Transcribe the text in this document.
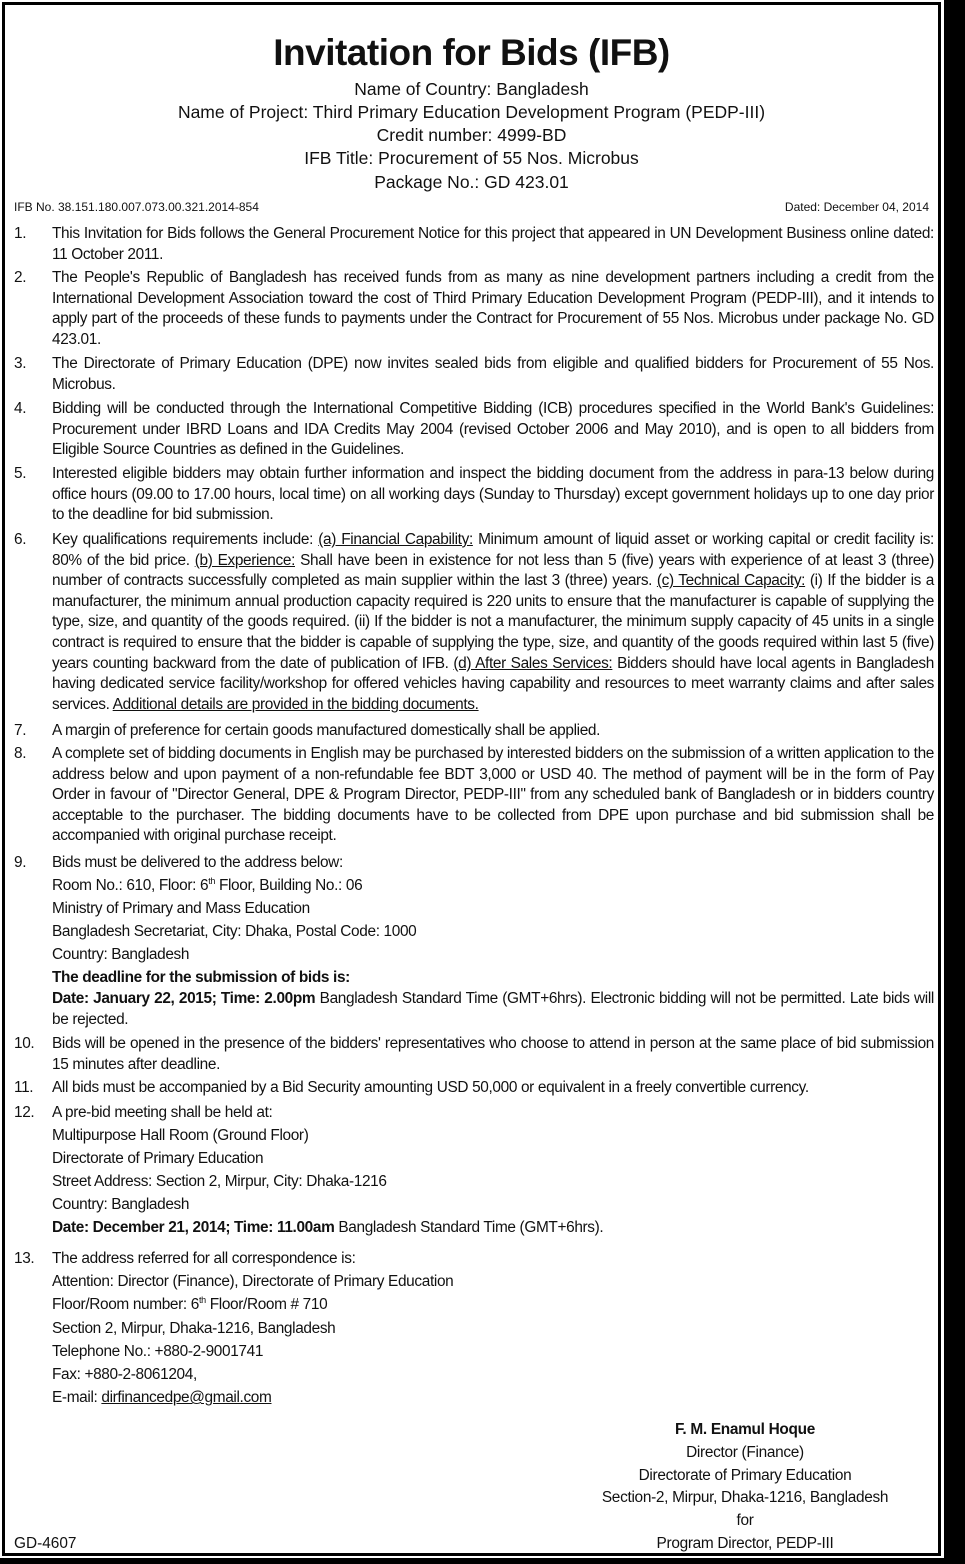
Invitation for Bids (IFB)
Name of Country: Bangladesh
Name of Project: Third Primary Education Development Program (PEDP-III)
Credit number: 4999-BD
IFB Title: Procurement of 55 Nos. Microbus
Package No.: GD 423.01
IFB No. 38.151.180.007.073.00.321.2014-854	Dated: December 04, 2014
1. This Invitation for Bids follows the General Procurement Notice for this project that appeared in UN Development Business online dated: 11 October 2011.
2. The People's Republic of Bangladesh has received funds from as many as nine development partners including a credit from the International Development Association toward the cost of Third Primary Education Development Program (PEDP-III), and it intends to apply part of the proceeds of these funds to payments under the Contract for Procurement of 55 Nos. Microbus under package No. GD 423.01.
3. The Directorate of Primary Education (DPE) now invites sealed bids from eligible and qualified bidders for Procurement of 55 Nos. Microbus.
4. Bidding will be conducted through the International Competitive Bidding (ICB) procedures specified in the World Bank's Guidelines: Procurement under IBRD Loans and IDA Credits May 2004 (revised October 2006 and May 2010), and is open to all bidders from Eligible Source Countries as defined in the Guidelines.
5. Interested eligible bidders may obtain further information and inspect the bidding document from the address in para-13 below during office hours (09.00 to 17.00 hours, local time) on all working days (Sunday to Thursday) except government holidays up to one day prior to the deadline for bid submission.
6. Key qualifications requirements include: (a) Financial Capability: Minimum amount of liquid asset or working capital or credit facility is: 80% of the bid price. (b) Experience: Shall have been in existence for not less than 5 (five) years with experience of at least 3 (three) number of contracts successfully completed as main supplier within the last 3 (three) years. (c) Technical Capacity: (i) If the bidder is a manufacturer, the minimum annual production capacity required is 220 units to ensure that the manufacturer is capable of supplying the type, size, and quantity of the goods required. (ii) If the bidder is not a manufacturer, the minimum supply capacity of 45 units in a single contract is required to ensure that the bidder is capable of supplying the type, size, and quantity of the goods required within last 5 (five) years counting backward from the date of publication of IFB. (d) After Sales Services: Bidders should have local agents in Bangladesh having dedicated service facility/workshop for offered vehicles having capability and resources to meet warranty claims and after sales services. Additional details are provided in the bidding documents.
7. A margin of preference for certain goods manufactured domestically shall be applied.
8. A complete set of bidding documents in English may be purchased by interested bidders on the submission of a written application to the address below and upon payment of a non-refundable fee BDT 3,000 or USD 40. The method of payment will be in the form of Pay Order in favour of "Director General, DPE & Program Director, PEDP-III" from any scheduled bank of Bangladesh or in bidders country acceptable to the purchaser. The bidding documents have to be collected from DPE upon purchase and bid submission shall be accompanied with original purchase receipt.
9. Bids must be delivered to the address below:
Room No.: 610, Floor: 6th Floor, Building No.: 06
Ministry of Primary and Mass Education
Bangladesh Secretariat, City: Dhaka, Postal Code: 1000
Country: Bangladesh
The deadline for the submission of bids is:
Date: January 22, 2015; Time: 2.00pm Bangladesh Standard Time (GMT+6hrs). Electronic bidding will not be permitted. Late bids will be rejected.
10. Bids will be opened in the presence of the bidders' representatives who choose to attend in person at the same place of bid submission 15 minutes after deadline.
11. All bids must be accompanied by a Bid Security amounting USD 50,000 or equivalent in a freely convertible currency.
12. A pre-bid meeting shall be held at:
Multipurpose Hall Room (Ground Floor)
Directorate of Primary Education
Street Address: Section 2, Mirpur, City: Dhaka-1216
Country: Bangladesh
Date: December 21, 2014; Time: 11.00am Bangladesh Standard Time (GMT+6hrs).
13. The address referred for all correspondence is:
Attention: Director (Finance), Directorate of Primary Education
Floor/Room number: 6th Floor/Room # 710
Section 2, Mirpur, Dhaka-1216, Bangladesh
Telephone No.: +880-2-9001741
Fax: +880-2-8061204,
E-mail: dirfinancedpe@gmail.com
F. M. Enamul Hoque
Director (Finance)
Directorate of Primary Education
Section-2, Mirpur, Dhaka-1216, Bangladesh
for
Program Director, PEDP-III
GD-4607
